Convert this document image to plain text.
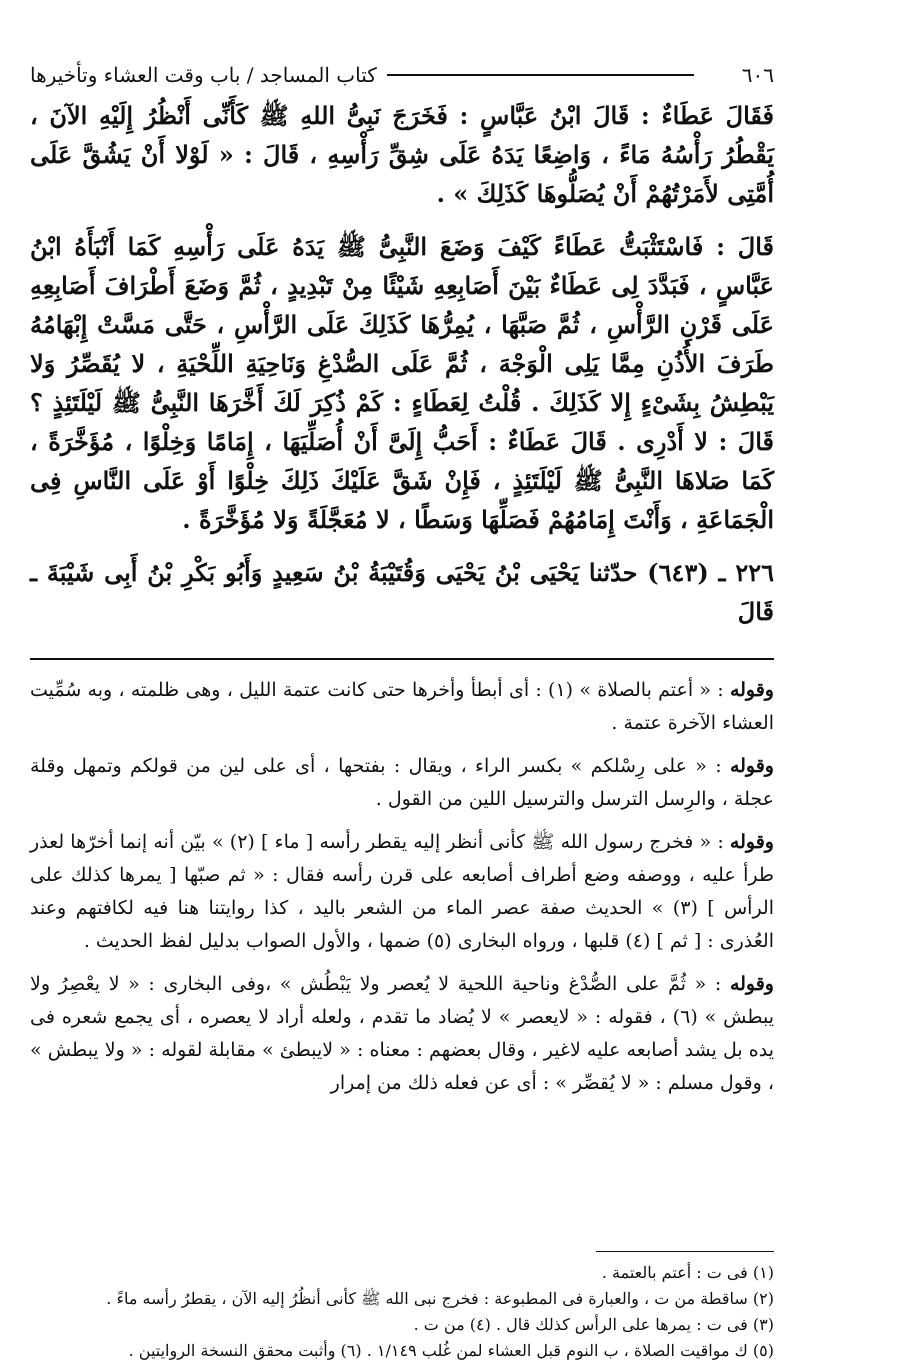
٦٠٦
كتاب المساجد / باب وقت العشاء وتأخيرها

فَقَالَ عَطَاءٌ : قَالَ ابْنُ عَبَّاسٍ : فَخَرَجَ نَبِىُّ اللهِ ﷺ كَأَنِّى أَنْظُرُ إِلَيْهِ الآنَ ، يَقْطُرُ رَأْسُهُ مَاءً ، وَاضِعًا يَدَهُ عَلَى شِقِّ رَأْسِهِ ، قَالَ : « لَوْلا أَنْ يَشُقَّ عَلَى أُمَّتِى لأَمَرْتُهُمْ أَنْ يُصَلُّوهَا كَذَلِكَ » .

قَالَ : فَاسْتَثْبَتُّ عَطَاءً كَيْفَ وَضَعَ النَّبِىُّ ﷺ يَدَهُ عَلَى رَأْسِهِ كَمَا أَنْبَأَهُ ابْنُ عَبَّاسٍ ، فَبَدَّدَ لِى عَطَاءٌ بَيْنَ أَصَابِعِهِ شَيْئًا مِنْ تَبْدِيدٍ ، ثُمَّ وَضَعَ أَطْرَافَ أَصَابِعِهِ عَلَى قَرْنِ الرَّأْسِ ، ثُمَّ صَبَّهَا ، يُمِرُّهَا كَذَلِكَ عَلَى الرَّأْسِ ، حَتَّى مَسَّتْ إِبْهَامُهُ طَرَفَ الأُذُنِ مِمَّا يَلِى الْوَجْهَ ، ثُمَّ عَلَى الصُّدْغِ وَنَاحِيَةِ اللِّحْيَةِ ، لا يُقَصِّرُ وَلا يَبْطِشُ بِشَىْءٍ إِلا كَذَلِكَ . قُلْتُ لِعَطَاءٍ : كَمْ ذُكِرَ لَكَ أَخَّرَهَا النَّبِىُّ ﷺ لَيْلَتَئِذٍ ؟ قَالَ : لا أَدْرِى . قَالَ عَطَاءٌ : أَحَبُّ إِلَىَّ أَنْ أُصَلِّيَهَا ، إِمَامًا وَخِلْوًا ، مُؤَخَّرَةً ، كَمَا صَلاهَا النَّبِىُّ ﷺ لَيْلَتَئِذٍ ، فَإِنْ شَقَّ عَلَيْكَ ذَلِكَ خِلْوًا أَوْ عَلَى النَّاسِ فِى الْجَمَاعَةِ ، وَأَنْتَ إِمَامُهُمْ فَصَلِّهَا وَسَطًا ، لا مُعَجَّلَةً وَلا مُؤَخَّرَةً .

٢٢٦ ـ (٦٤٣) حدّثنا يَحْيَى بْنُ يَحْيَى وَقُتَيْبَةُ بْنُ سَعِيدٍ وَأَبُو بَكْرِ بْنُ أَبِى شَيْبَةَ ـ قَالَ

وقوله : « أعتم بالصلاة » (١) : أى أبطأ وأخرها حتى كانت عتمة الليل ، وهى ظلمته ، وبه سُمِّيت العشاء الآخرة عتمة .

وقوله : « على رِسْلكم » بكسر الراء ، ويقال : بفتحها ، أى على لين من قولكم وتمهل وقلة عجلة ، والرِسل الترسل والترسيل اللين من القول .

وقوله : « فخرج رسول الله ﷺ كأنى أنظر إليه يقطر رأسه [ ماء ] (٢) » بيّن أنه إنما أخرّها لعذر طرأ عليه ، ووصفه وضع أطراف أصابعه على قرن رأسه فقال : « ثم صبّها [ يمرها كذلك على الرأس ] (٣) » الحديث صفة عصر الماء من الشعر باليد ، كذا روايتنا هنا فيه لكافتهم وعند العُذرى : [ ثم ] (٤) قلبها ، ورواه البخارى (٥) ضمها ، والأول الصواب بدليل لفظ الحديث .

وقوله : « ثُمَّ على الصُّدْغ وناحية اللحية لا يُعصر ولا يَبْطُش » ،وفى البخارى : « لا يعْصِرُ ولا يبطش » (٦) ، فقوله : « لايعصر » لا يُضاد ما تقدم ، ولعله أراد لا يعصره ، أى يجمع شعره فى يده بل يشد أصابعه عليه لاغير ، وقال بعضهم : معناه : « لايبطئ » مقابلة لقوله : « ولا يبطش » ، وقول مسلم : « لا يُقصِّر » : أى عن فعله ذلك من إمرار

(١) فى ت : أعتم بالعتمة .
(٢) ساقطة من ت ، والعبارة فى المطبوعة : فخرج نبى الله ﷺ كأنى أنظُرُ إليه الآن ، يقطرُ رأسه ماءً .
(٣) فى ت : يمرها على الرأس كذلك قال . (٤) من ت .
(٥) ك مواقيت الصلاة ، ب النوم قبل العشاء لمن غُلب ١/١٤٩ . (٦) وأثبت محقق النسخة الروايتين .
